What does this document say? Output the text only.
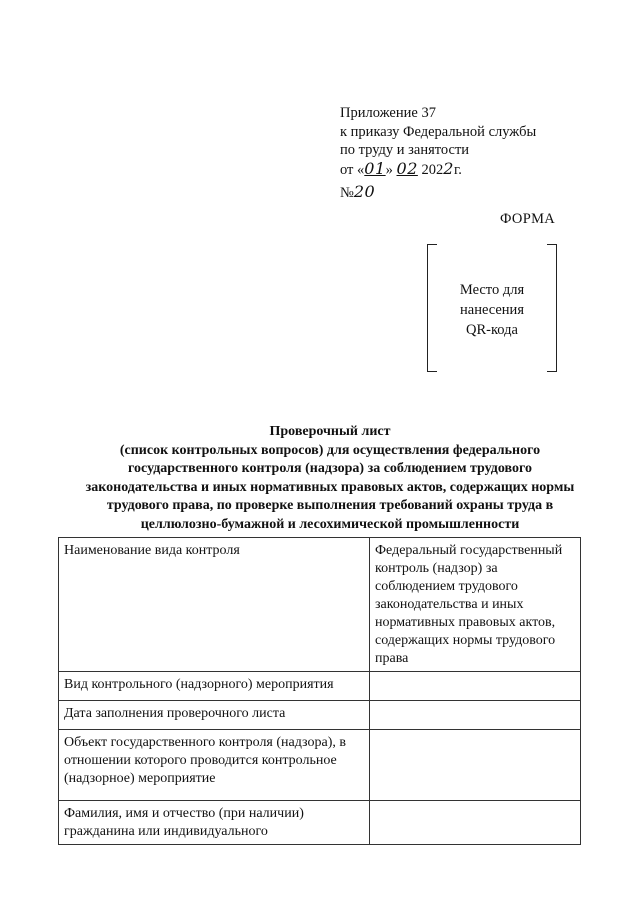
Приложение 37
к приказу Федеральной службы
по труду и занятости
от «01» 02 2022г.
№20
ФОРМА
Место для
нанесения
QR-кода
Проверочный лист
(список контрольных вопросов) для осуществления федерального
государственного контроля (надзора) за соблюдением трудового
законодательства и иных нормативных правовых актов, содержащих нормы
трудового права, по проверке выполнения требований охраны труда в
целлюлозно-бумажной и лесохимической промышленности
Наименование вида контроля	Федеральный государственный контроль (надзор) за соблюдением трудового законодательства и иных нормативных правовых актов, содержащих нормы трудового права
Вид контрольного (надзорного) мероприятия	
Дата заполнения проверочного листа	
Объект государственного контроля (надзора), в отношении которого проводится контрольное (надзорное) мероприятие	
Фамилия, имя и отчество (при наличии) гражданина или индивидуального	
